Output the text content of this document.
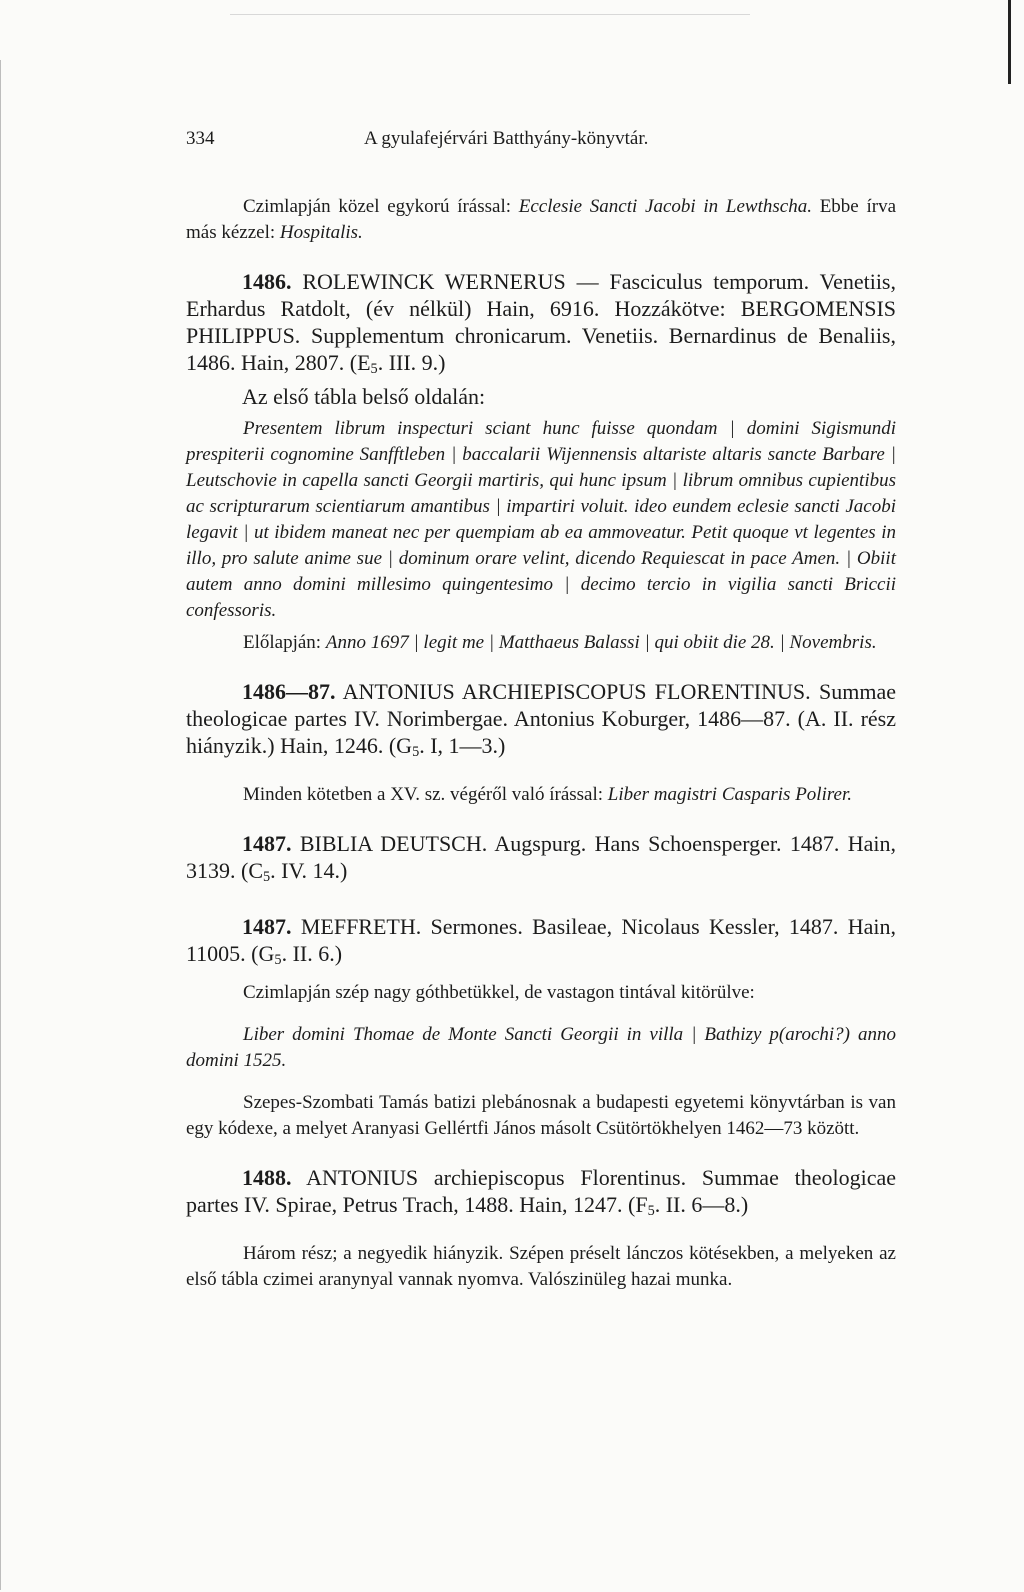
334	A gyulafejérvári Batthyány-könyvtár.

Czimlapján közel egykorú írással: Ecclesie Sancti Jacobi in Lewthscha. Ebbe írva más kézzel: Hospitalis.

1486. ROLEWINCK WERNERUS — Fasciculus temporum. Venetiis, Erhardus Ratdolt, (év nélkül) Hain, 6916. Hozzákötve: BERGOMENSIS PHILIPPUS. Supplementum chronicarum. Venetiis. Bernardinus de Benaliis, 1486. Hain, 2807. ($E_5$. III. 9.)

Az első tábla belső oldalán:

Presentem librum inspecturi sciant hunc fuisse quondam | domini Sigismundi prespiterii cognomine Sanfftleben | baccalarii Wijennensis altariste altaris sancte Barbare | Leutschovie in capella sancti Georgii martiris, qui hunc ipsum | librum omnibus cupientibus ac scripturarum scientiarum amantibus | impartiri voluit. ideo eundem eclesie sancti Jacobi legavit | ut ibidem maneat nec per quempiam ab ea ammoveatur. Petit quoque vt legentes in illo, pro salute anime sue | dominum orare velint, dicendo Requiescat in pace Amen. | Obiit autem anno domini millesimo quingentesimo | decimo tercio in vigilia sancti Briccii confessoris.

Előlapján: Anno 1697 | legit me | Matthaeus Balassi | qui obiit die 28. | Novembris.

1486—87. ANTONIUS ARCHIEPISCOPUS FLORENTINUS. Summae theologicae partes IV. Norimbergae. Antonius Koburger, 1486—87. (A. II. rész hiányzik.) Hain, 1246. ($G_5$. I, 1—3.)

Minden kötetben a XV. sz. végéről való írással: Liber magistri Casparis Polirer.

1487. BIBLIA DEUTSCH. Augspurg. Hans Schoensperger. 1487. Hain, 3139. ($C_5$. IV. 14.)

1487. MEFFRETH. Sermones. Basileae, Nicolaus Kessler, 1487. Hain, 11005. ($G_5$. II. 6.)

Czimlapján szép nagy góthbetükkel, de vastagon tintával kitörülve:

Liber domini Thomae de Monte Sancti Georgii in villa | Bathizy p(arochi?) anno domini 1525.

Szepes-Szombati Tamás batizi plebánosnak a budapesti egyetemi könyvtárban is van egy kódexe, a melyet Aranyasi Gellértfi János másolt Csütörtökhelyen 1462—73 között.

1488. ANTONIUS archiepiscopus Florentinus. Summae theologicae partes IV. Spirae, Petrus Trach, 1488. Hain, 1247. ($F_5$. II. 6—8.)

Három rész; a negyedik hiányzik. Szépen préselt lánczos kötésekben, a melyeken az első tábla czimei aranynyal vannak nyomva. Valószinüleg hazai munka.
